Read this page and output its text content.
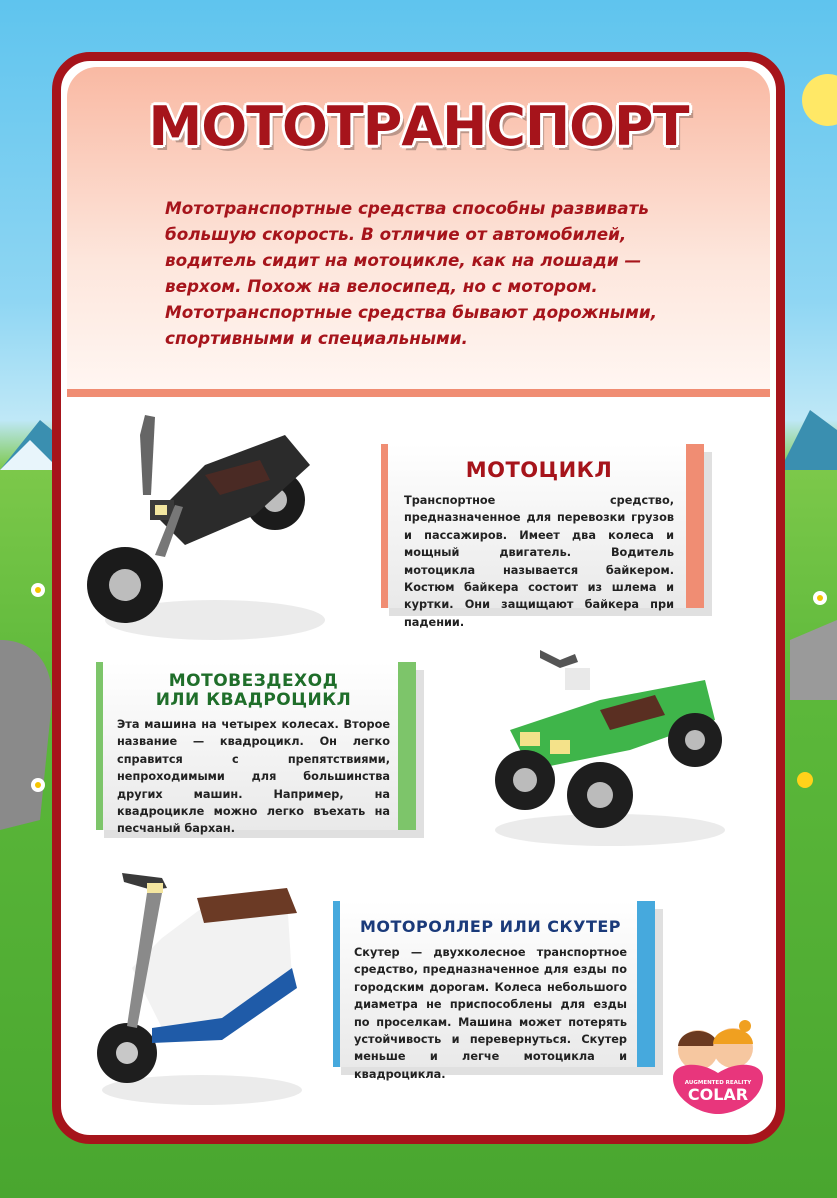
МОТОТРАНСПОРТ

Мототранспортные средства способны развивать большую скорость. В отличие от автомобилей, водитель сидит на мотоцикле, как на лошади — верхом. Похож на велосипед, но с мотором. Мототранспортные средства бывают дорожными, спортивными и специальными.

МОТОЦИКЛ

Транспортное средство, предназначенное для перевозки грузов и пассажиров. Имеет два колеса и мощный двигатель. Водитель мотоцикла называется байкером. Костюм байкера состоит из шлема и куртки. Они защищают байкера при падении.

МОТОВЕЗДЕХОД
ИЛИ КВАДРОЦИКЛ

Эта машина на четырех колесах. Второе название — квадроцикл. Он легко справится с препятствиями, непроходимыми для большинства других машин. Например, на квадроцикле можно легко въехать на песчаный бархан.

МОТОРОЛЛЕР ИЛИ СКУТЕР

Скутер — двухколесное транспортное средство, предназначенное для езды по городским дорогам. Колеса небольшого диаметра не приспособлены для езды по проселкам. Машина может потерять устойчивость и перевернуться. Скутер меньше и легче мотоцикла и квадроцикла.

AUGMENTED REALITY
COLAR
